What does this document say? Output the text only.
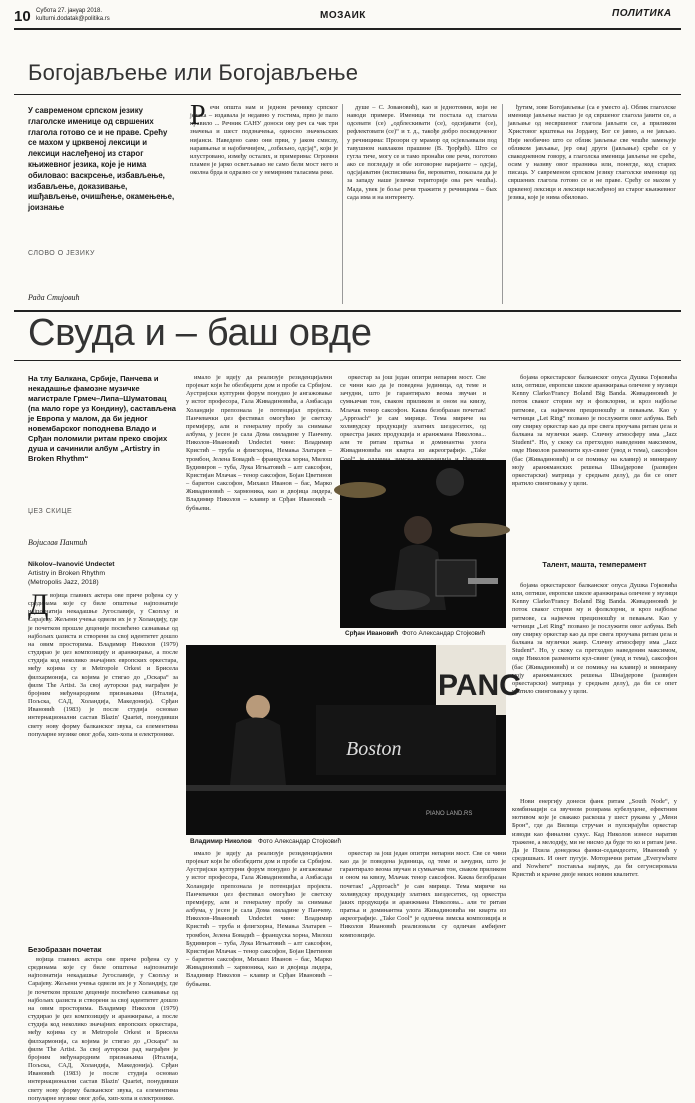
10 Субота 27. јануар 2018.
kulturni.dodatak@politika.rs	МОЗАИК	ПОЛИТИКА
Богојављење или Богојављење
У савременом српском језику глаголске именице од свршених глагола готово се и не праве. Срећу се махом у црквеној лексици и лексици наслеђеној из старог књижевног језика, које је нима обиловао: васкрсење, избављење, избављење, доказивање, ишђављење, очишћење, окамењење, јоизнање
СЛОВО О ЈЕЗИКУ
Рада Стијовић
Р ечи општа нам и једном речнику српског језика – издавала је недавно у гостима, прво је пало правило ... Речник САНУ доноси ову реч са чак три значења и шест подзначења, односно значењских нијанси. Наведено само они први, у јаком смислу, наравњење и најобичнијем, „озбиљно, одсјај“, који је илустровано, између осталих, и примерима: Огромни пламен је јарко осветљавао не само бели мост него и околна брда и одразио се у немирним таласима реке.

душе – С. Јовановић), као и једнотомни, који не наводи примере. Именица ти постала од глагола одсевати (се) „одблескивати (се), одсијавати (се), рефлектовати (се)“ и т. д., такође добро посведоченог у речницима: Прозори су мрамор од осјевљивали под тавушном навлаком прашине (В. Ђорђић). Што се гугла тиче, могу се и тамо пронаћи ове речи, поготово ако се погледају и обе изговорне варијанте – одсјај, одсјајаватин (исписивана би, вероватно, показала да је за западу наше језичке територије ова реч чешћа). Мада, увек је боље речи тражити у речницима – бых сада има и на интернету.

ђутим, зове Богојављење (са е уместо а). Облик глаголске именице јављење настао је од свршеног глагола јавити се, а јављање од несвршеног глагола јављати се, а приликом Христовог крштења на Јордану, Бог се јавио, а не јављао. Није необично што се облик јављење све чешће замењује обликом јављање, јер овај други (јављање) среће се у свакодневном говору, а глаголска именица јављење не среће, осим у називу овог празника или, понегде, код старих писаца. У савременом српском језику глаголске именице од свршених глагола готово се и не праве. Срећу се махом у црквеној лексици и лексици наслеђеној из старог књижевног језика, које је нима обиловао.

Свуда и – баш овде
На тлу Балкана, Србије, Панчева и некадашње фамозне музичке магистрале Грмеч–Липа–Шуматовац (па мало горе уз Кондину), састављена је Европа у малом, да би једног новембарског поподнева Владо и Срђан поломили ритам преко својих душа и сачинили албум „Artistry in Broken Rhythm“
ЏЕЗ СКИЦЕ
Војислав Пантић
Nikolov–Ivanović Undectet
Artistry in Broken Rhythm
(Metropolis Jazz, 2018)
Д војица главних актера ове приче рођена су у срединама које су биле општење најпознатије најпознатија некадашње Југославије, у Скопљу и Сарајеву. Жељени учења одвели их је у Холандију, где је почетком прошле деценије посвећено сазнавање од најбољих џазиста и створени за свој идентитет дошло на овим просторима. Владимир Николов (1979) студирао је џез композицију и аранжирање, а после студија код неколико значајних европских оркестара, међу којима су и Metropole Orkest и Брисела филхармонија, са којима је стигао до „Оскара“ за филм The Artist. За свој ауторски рад награђен је бројним међународним признањима (Италија, Пољска, САД, Холандија, Македонија). Срђан Ивановић (1983) је после студија основао интернационални састав Blazin' Quartet, понудивши свету нову форму балканског звука, са елементима популарне музике овог доба, хип-хопа и електронике.

Безобразан почетак

војица главних актера ове приче рођена су у срединама које су биле општење најпознатије најпознатија некадашње Југославије, у Скопљу и Сарајеву. Жељени учења одвели их је у Холандију, где је почетком прошле деценије посвећено сазнавање од најбољих џазиста и створени за свој идентитет дошло на овим просторима. Владимир Николов (1979) студирао је џез композицију и аранжирање, а после студија код неколико значајних европских оркестара, међу којима су и Metropole Orkest и Брисела филхармонија, са којима је стигао до „Оскара“ за филм The Artist. За свој ауторски рад награђен је бројним међународним признањима (Италија, Пољска, САД, Холандија, Македонија). Срђан Ивановић (1983) је после студија основао интернационални састав Blazin' Quartet, понудивши свету нову форму балканског звука, са елементима популарне музике овог доба, хип-хопа и електронике.

имало је идеју да реализује резиденцијални пројекат који ће обезбедити дом и пробе са Србијом. Аустријски културни форум понудио је ангажовање у истог професора, Гала Живадиновића, а Амбасада Холандије препознала је потенцијал пројекта. Панчевачки џез фестивал омогућио је светску премијеру, али и генералну пробу за снимање албума, у јесен је сала Дома омладине у Панчеву. Николов–Ивановић Undectet чине: Владимир Кристић – труба и флигхорна, Немања Златарев – тромбон, Јелена Бовадић – француска хорна, Милош Будимиров – туба, Лука Игњатовић – алт саксофон, Кристијан Млачак – тенор саксофон, Бојан Цветинов – баритон саксофон, Михаил Иванов – бас, Марко Живадиновић – хармоника, као и двојица лидера, Владимир Николов – клавир и Срђан Ивановић – бубњеви.

оркестар за још један опитри непарни мост. Све се чини као да је поведена јединица, од теме и зачудни, што је гарантирало веома звучан и сумњичав тон, сваком приликом и оном на квизу, Млачак тенор саксофон. Каква безобразан почетак! „Approach“ је сам мирице. Тема мириче на холивудску продукцију златних шездесетих, од оркестра јаких продукција и аранжмана Николова... али те ритам пратња и доминантна улога Живадиновића ни кварта из акреографије. „Take

бојама оркестарског балканског опуса Душка Гојковића или, оптише, европске школе аранжирања оличене у музици Kenny Clarke/Francy Boland Big Banda. Живадиновић је поток сваког стории му и фолклорни, и кроз најбоље ритмове, са највечом прецизношћу и певањем. Као у четници „Let Ring“ позвано је послужити овог албума. Већ ову свирку оркестар као да пре свега проучава ритам џеза и балкана за музички жанр. Сличну атмосферу има „Jazz Student“. Но, у скоку са претходно наведеним максимом, овде Николов разменити кул-свинг (увод и тема), саксофон (бас (Живадиновић) и се помињу на клавир) и минирану моју аранжманских решења Шнајдерове (развијен оркестарски) матрица у средњем делу), да би се опет вратило свинговању у цели.

Срђан Ивановић Фото Александар Стојковић
Талент, машта, темперамент

бојама оркестарског балканског опуса Душка Гојковића или, оптише, европске школе аранжирања оличене у музици Kenny Clarke/Francy Boland Big Banda. Живадиновић је поток сваког стории му и фолклорни, и кроз најбоље ритмове, са највечом прецизношћу и певањем. Као у четници „Let Ring“ позвано је послужити овог албума. Већ ову свирку оркестар као да пре свега проучава ритам џеза и балкана за музички жанр. Сличну атмосферу има „Jazz Student“. Но, у скоку са претходно наведеним максимом, овде Николов разменити кул-свинг (увод и тема), саксофон (бас (Живадиновић) и се помињу на клавир) и минирану моју аранжманских решења Шнајдерове (развијен оркестарски) матрица у средњем делу), да би се опет вратило свинговању у цели.

Нови енергију донеси фанк ритам „South Node“, у комбинацији са звучном розирама кубелуцене, ефектним мотивом које је свакако раскоша у шест рукама у „Мени Брон“, где да Вилица стручан и пулсирајући оркестар изводи као финални сукус. Кад Николов изнесе наратив тражене, а мелодију, ми не нисмо да буде то ко и ритам јаче. Да је Пхила донедежа фанки-седамдесете, Ивановић у средишњих. И онет пугује. Моторични ритам „Everywhere and Nowhere“ поставља најзвук, да би сегунсировала Кристић и крачне двоје неких новим квалитет.

PANC
Boston
PIANO LAND.RS
Владимир Николов Фото Александар Стојковић

имало је идеју да реализује резиденцијални пројекат који ће обезбедити дом и пробе са Србијом. Аустријски културни форум понудио је ангажовање у истог професора, Гала Живадиновића, а Амбасада Холандије препознала је потенцијал пројекта. Панчевачки џез фестивал омогућио је светску премијеру, али и генералну пробу за снимање албума, у јесен је сала Дома омладине у Панчеву. Николов–Ивановић Undectet чине: Владимир Кристић – труба и флигхорна, Немања Златарев – тромбон, Јелена Бовадић – француска хорна, Милош Будимиров – туба, Лука Игњатовић – алт саксофон, Кристијан Млачак – тенор саксофон, Бојан Цветинов – баритон саксофон, Михаил Иванов – бас, Марко Живадиновић – хармоника, као и двојица лидера, Владимир Николов – клавир и Срђан Ивановић – бубњеви.

оркестар за још један опитри непарни мост. Све се чини као да је поведена јединица, од теме и зачудни, што је гарантирало веома звучан и сумњичав тон, сваком приликом и оном на квизу, Млачак тенор саксофон. Каква безобразан почетак! „Approach“ је сам мирице. Тема мириче на холивудску продукцију златних шездесетих, од оркестра јаких продукција и аранжмана Николова... али те ритам пратња и доминантна улога Живадиновића ни кварта из акреографије. „Take Cool“ је одлична зимска композиција и Николов Ивановић реализовали су одличан амбијент композиције.
